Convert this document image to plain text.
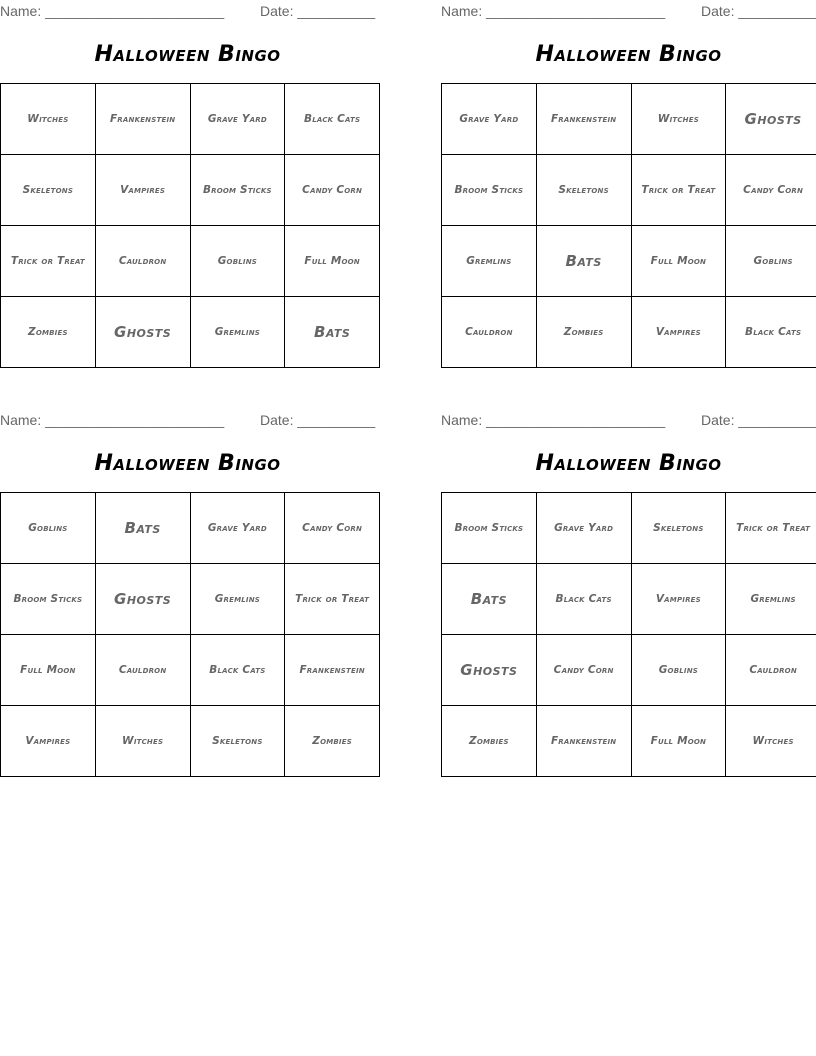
Name: _______________________	Date: __________
Halloween Bingo
Witches	Frankenstein	Grave Yard	Black Cats
Skeletons	Vampires	Broom Sticks	Candy Corn
Trick or Treat	Cauldron	Goblins	Full Moon
Zombies	Ghosts	Gremlins	Bats
Name: _______________________	Date: __________
Halloween Bingo
Grave Yard	Frankenstein	Witches	Ghosts
Broom Sticks	Skeletons	Trick or Treat	Candy Corn
Gremlins	Bats	Full Moon	Goblins
Cauldron	Zombies	Vampires	Black Cats
Name: _______________________	Date: __________
Halloween Bingo
Goblins	Bats	Grave Yard	Candy Corn
Broom Sticks	Ghosts	Gremlins	Trick or Treat
Full Moon	Cauldron	Black Cats	Frankenstein
Vampires	Witches	Skeletons	Zombies
Name: _______________________	Date: __________
Halloween Bingo
Broom Sticks	Grave Yard	Skeletons	Trick or Treat
Bats	Black Cats	Vampires	Gremlins
Ghosts	Candy Corn	Goblins	Cauldron
Zombies	Frankenstein	Full Moon	Witches
